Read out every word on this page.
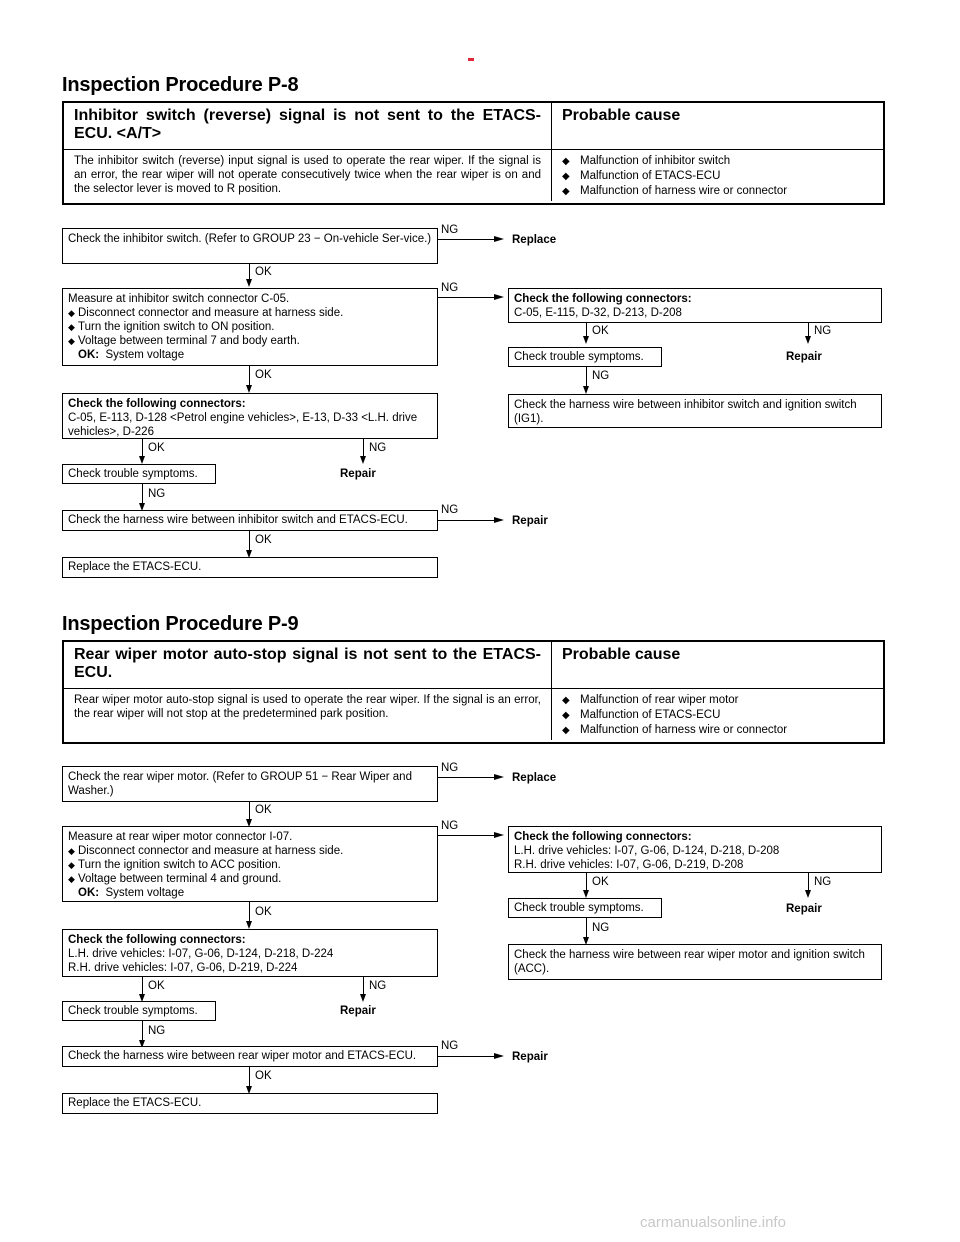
Inspection Procedure P-8
Inhibitor switch (reverse) signal is not sent to the ETACS-ECU. <A/T>
Probable cause
The inhibitor switch (reverse) input signal is used to operate the rear wiper. If the signal is an error, the rear wiper will not operate consecutively twice when the rear wiper is on and the selector lever is moved to R position.
◆ Malfunction of inhibitor switch
◆ Malfunction of ETACS-ECU
◆ Malfunction of harness wire or connector
Check the inhibitor switch. (Refer to GROUP 23 − On-vehicle Ser-vice.)
NG
Replace
OK
Measure at inhibitor switch connector C-05.
◆ Disconnect connector and measure at harness side.
◆ Turn the ignition switch to ON position.
◆ Voltage between terminal 7 and body earth.
OK: System voltage
NG
Check the following connectors:
C-05, E-115, D-32, D-213, D-208
OK	NG
Check trouble symptoms.	Repair
NG
Check the harness wire between inhibitor switch and ignition switch (IG1).
OK
Check the following connectors:
C-05, E-113, D-128 <Petrol engine vehicles>, E-13, D-33 <L.H. drive vehicles>, D-226
OK	NG
Check trouble symptoms.	Repair
NG
Check the harness wire between inhibitor switch and ETACS-ECU.
NG
Repair
OK
Replace the ETACS-ECU.
Inspection Procedure P-9
Rear wiper motor auto-stop signal is not sent to the ETACS-ECU.
Probable cause
Rear wiper motor auto-stop signal is used to operate the rear wiper. If the signal is an error, the rear wiper will not stop at the predetermined park position.
◆ Malfunction of rear wiper motor
◆ Malfunction of ETACS-ECU
◆ Malfunction of harness wire or connector
Check the rear wiper motor. (Refer to GROUP 51 − Rear Wiper and Washer.)
NG
Replace
OK
Measure at rear wiper motor connector I-07.
◆ Disconnect connector and measure at harness side.
◆ Turn the ignition switch to ACC position.
◆ Voltage between terminal 4 and ground.
OK: System voltage
NG
Check the following connectors:
L.H. drive vehicles: I-07, G-06, D-124, D-218, D-208
R.H. drive vehicles: I-07, G-06, D-219, D-208
OK	NG
Check trouble symptoms.	Repair
NG
Check the harness wire between rear wiper motor and ignition switch (ACC).
OK
Check the following connectors:
L.H. drive vehicles: I-07, G-06, D-124, D-218, D-224
R.H. drive vehicles: I-07, G-06, D-219, D-224
OK	NG
Check trouble symptoms.	Repair
NG
Check the harness wire between rear wiper motor and ETACS-ECU.
NG
Repair
OK
Replace the ETACS-ECU.
carmanualsonline.info
